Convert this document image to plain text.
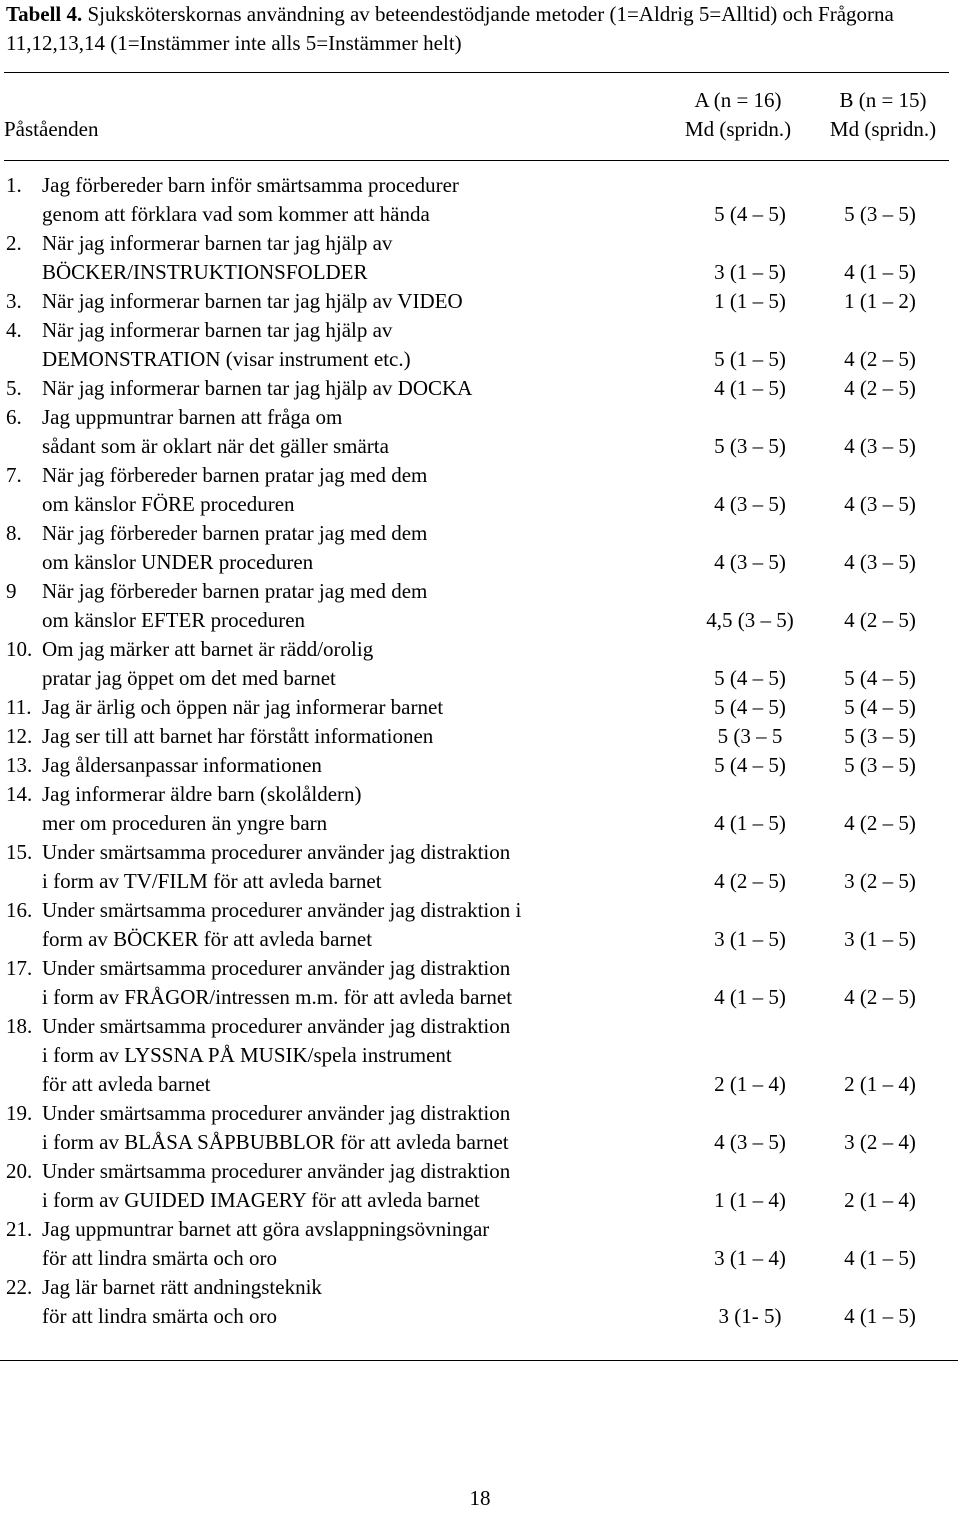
Tabell 4. Sjuksköterskornas användning av beteendestödjande metoder (1=Aldrig 5=Alltid) och Frågorna 11,12,13,14 (1=Instämmer inte alls 5=Instämmer helt)
A (n = 16)	B (n = 15)
Påståenden	Md (spridn.)	Md (spridn.)
1. Jag förbereder barn inför smärtsamma procedurer
genom att förklara vad som kommer att hända	5 (4 – 5)	5 (3 – 5)
2. När jag informerar barnen tar jag hjälp av
BÖCKER/INSTRUKTIONSFOLDER	3 (1 – 5)	4 (1 – 5)
3. När jag informerar barnen tar jag hjälp av VIDEO	1 (1 – 5)	1 (1 – 2)
4. När jag informerar barnen tar jag hjälp av
DEMONSTRATION (visar instrument etc.)	5 (1 – 5)	4 (2 – 5)
5. När jag informerar barnen tar jag hjälp av DOCKA	4 (1 – 5)	4 (2 – 5)
6. Jag uppmuntrar barnen att fråga om
sådant som är oklart när det gäller smärta	5 (3 – 5)	4 (3 – 5)
7. När jag förbereder barnen pratar jag med dem
om känslor FÖRE proceduren	4 (3 – 5)	4 (3 – 5)
8. När jag förbereder barnen pratar jag med dem
om känslor UNDER proceduren	4 (3 – 5)	4 (3 – 5)
9 När jag förbereder barnen pratar jag med dem
om känslor EFTER proceduren	4,5 (3 – 5)	4 (2 – 5)
10. Om jag märker att barnet är rädd/orolig
pratar jag öppet om det med barnet	5 (4 – 5)	5 (4 – 5)
11. Jag är ärlig och öppen när jag informerar barnet	5 (4 – 5)	5 (4 – 5)
12. Jag ser till att barnet har förstått informationen	5 (3 – 5	5 (3 – 5)
13. Jag åldersanpassar informationen	5 (4 – 5)	5 (3 – 5)
14. Jag informerar äldre barn (skolåldern)
mer om proceduren än yngre barn	4 (1 – 5)	4 (2 – 5)
15. Under smärtsamma procedurer använder jag distraktion
i form av TV/FILM för att avleda barnet	4 (2 – 5)	3 (2 – 5)
16. Under smärtsamma procedurer använder jag distraktion i
form av BÖCKER för att avleda barnet	3 (1 – 5)	3 (1 – 5)
17. Under smärtsamma procedurer använder jag distraktion
i form av FRÅGOR/intressen m.m. för att avleda barnet	4 (1 – 5)	4 (2 – 5)
18. Under smärtsamma procedurer använder jag distraktion
i form av LYSSNA PÅ MUSIK/spela instrument
för att avleda barnet	2 (1 – 4)	2 (1 – 4)
19. Under smärtsamma procedurer använder jag distraktion
i form av BLÅSA SÅPBUBBLOR för att avleda barnet	4 (3 – 5)	3 (2 – 4)
20. Under smärtsamma procedurer använder jag distraktion
i form av GUIDED IMAGERY för att avleda barnet	1 (1 – 4)	2 (1 – 4)
21. Jag uppmuntrar barnet att göra avslappningsövningar
för att lindra smärta och oro	3 (1 – 4)	4 (1 – 5)
22. Jag lär barnet rätt andningsteknik
för att lindra smärta och oro	3 (1- 5)	4 (1 – 5)
18
